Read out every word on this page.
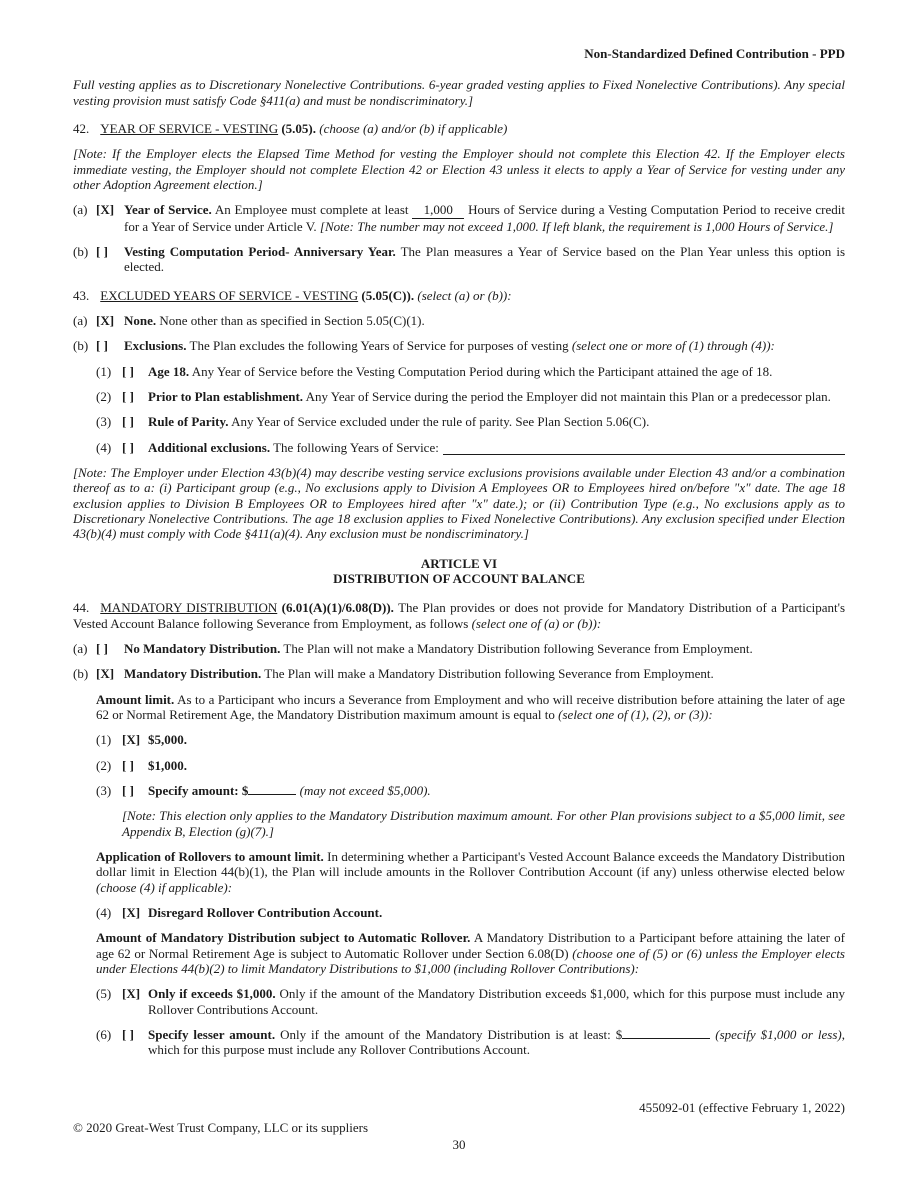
Non-Standardized Defined Contribution - PPD
Full vesting applies as to Discretionary Nonelective Contributions. 6-year graded vesting applies to Fixed Nonelective Contributions). Any special vesting provision must satisfy Code §411(a) and must be nondiscriminatory.]
42. YEAR OF SERVICE - VESTING (5.05). (choose (a) and/or (b) if applicable)
[Note: If the Employer elects the Elapsed Time Method for vesting the Employer should not complete this Election 42. If the Employer elects immediate vesting, the Employer should not complete Election 42 or Election 43 unless it elects to apply a Year of Service for vesting under any other Adoption Agreement election.]
(a) [X] Year of Service. An Employee must complete at least 1,000 Hours of Service during a Vesting Computation Period to receive credit for a Year of Service under Article V. [Note: The number may not exceed 1,000. If left blank, the requirement is 1,000 Hours of Service.]
(b) [ ]	Vesting Computation Period- Anniversary Year. The Plan measures a Year of Service based on the Plan Year unless this option is elected.
43. EXCLUDED YEARS OF SERVICE - VESTING (5.05(C)). (select (a) or (b)):
(a) [X] None. None other than as specified in Section 5.05(C)(1).
(b) [ ]	Exclusions. The Plan excludes the following Years of Service for purposes of vesting (select one or more of (1) through (4)):
(1) [ ]	Age 18. Any Year of Service before the Vesting Computation Period during which the Participant attained the age of 18.
(2) [ ]	Prior to Plan establishment. Any Year of Service during the period the Employer did not maintain this Plan or a predecessor plan.
(3) [ ]	Rule of Parity. Any Year of Service excluded under the rule of parity. See Plan Section 5.06(C).
(4) [ ]	Additional exclusions. The following Years of Service:
[Note: The Employer under Election 43(b)(4) may describe vesting service exclusions provisions available under Election 43 and/or a combination thereof as to a: (i) Participant group (e.g., No exclusions apply to Division A Employees OR to Employees hired on/before "x" date. The age 18 exclusion applies to Division B Employees OR to Employees hired after "x" date.); or (ii) Contribution Type (e.g., No exclusions apply as to Discretionary Nonelective Contributions. The age 18 exclusion applies to Fixed Nonelective Contributions). Any exclusion specified under Election 43(b)(4) must comply with Code §411(a)(4). Any exclusion must be nondiscriminatory.]
ARTICLE VI
DISTRIBUTION OF ACCOUNT BALANCE
44. MANDATORY DISTRIBUTION (6.01(A)(1)/6.08(D)). The Plan provides or does not provide for Mandatory Distribution of a Participant's Vested Account Balance following Severance from Employment, as follows (select one of (a) or (b)):
(a) [ ]	No Mandatory Distribution. The Plan will not make a Mandatory Distribution following Severance from Employment.
(b) [X] Mandatory Distribution. The Plan will make a Mandatory Distribution following Severance from Employment.
Amount limit. As to a Participant who incurs a Severance from Employment and who will receive distribution before attaining the later of age 62 or Normal Retirement Age, the Mandatory Distribution maximum amount is equal to (select one of (1), (2), or (3)):
(1) [X] $5,000.
(2) [ ]	$1,000.
(3) [ ]	Specify amount: $	(may not exceed $5,000).
[Note: This election only applies to the Mandatory Distribution maximum amount. For other Plan provisions subject to a $5,000 limit, see Appendix B, Election (g)(7).]
Application of Rollovers to amount limit. In determining whether a Participant's Vested Account Balance exceeds the Mandatory Distribution dollar limit in Election 44(b)(1), the Plan will include amounts in the Rollover Contribution Account (if any) unless otherwise elected below (choose (4) if applicable):
(4) [X] Disregard Rollover Contribution Account.
Amount of Mandatory Distribution subject to Automatic Rollover. A Mandatory Distribution to a Participant before attaining the later of age 62 or Normal Retirement Age is subject to Automatic Rollover under Section 6.08(D) (choose one of (5) or (6) unless the Employer elects under Elections 44(b)(2) to limit Mandatory Distributions to $1,000 (including Rollover Contributions):
(5) [X] Only if exceeds $1,000. Only if the amount of the Mandatory Distribution exceeds $1,000, which for this purpose must include any Rollover Contributions Account.
(6) [ ]	Specify lesser amount. Only if the amount of the Mandatory Distribution is at least: $	(specify $1,000 or less), which for this purpose must include any Rollover Contributions Account.
455092-01 (effective February 1, 2022)
© 2020 Great-West Trust Company, LLC or its suppliers
30
